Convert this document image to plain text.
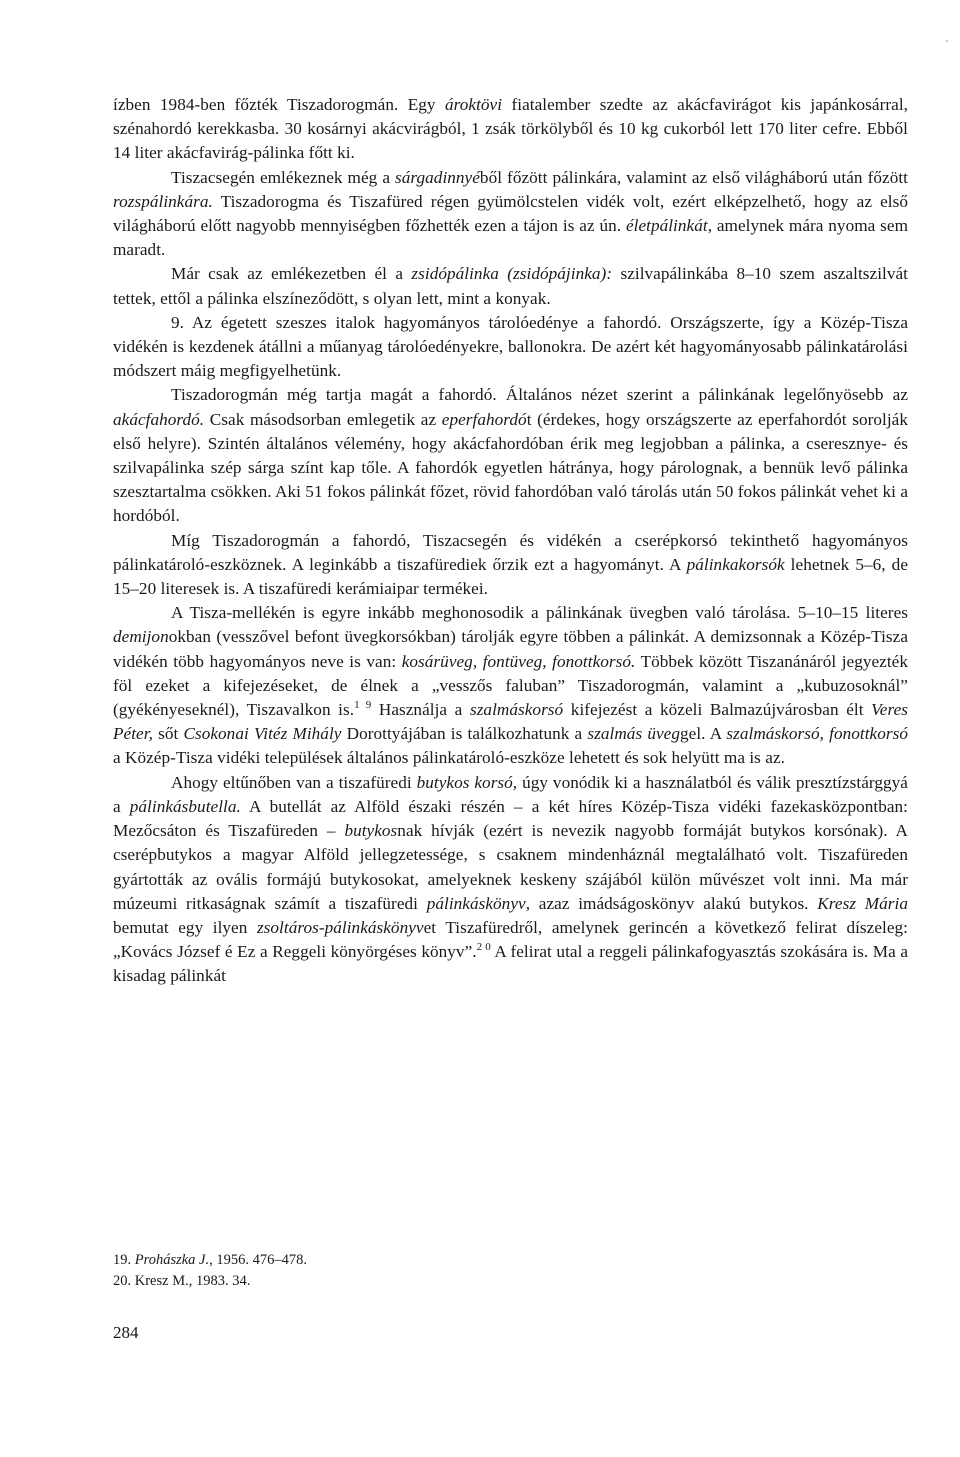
ízben 1984-ben főzték Tiszadorogmán. Egy ároktövi fiatalember szedte az akácfavirágot kis japánkosárral, szénahordó kerekkasba. 30 kosárnyi akácvirágból, 1 zsák törkölyből és 10 kg cukorból lett 170 liter cefre. Ebből 14 liter akácfavirág-pálinka főtt ki.

Tiszacsegén emlékeznek még a sárgadinnyéből főzött pálinkára, valamint az első világháború után főzött rozspálinkára. Tiszadorogma és Tiszafüred régen gyümölcstelen vidék volt, ezért elképzelhető, hogy az első világháború előtt nagyobb mennyiségben főzhették ezen a tájon is az ún. életpálinkát, amelynek mára nyoma sem maradt.

Már csak az emlékezetben él a zsidópálinka (zsidópájinka): szilvapálinkába 8–10 szem aszaltszilvát tettek, ettől a pálinka elszíneződött, s olyan lett, mint a konyak.

9. Az égetett szeszes italok hagyományos tárolóedénye a fahordó. Országszerte, így a Közép-Tisza vidékén is kezdenek átállni a műanyag tárolóedényekre, ballonokra. De azért két hagyományosabb pálinkatárolási módszert máig megfigyelhetünk.

Tiszadorogmán még tartja magát a fahordó. Általános nézet szerint a pálinkának legelőnyösebb az akácfahordó. Csak másodsorban emlegetik az eperfahordót (érdekes, hogy országszerte az eperfahordót sorolják első helyre). Szintén általános vélemény, hogy akácfahordóban érik meg legjobban a pálinka, a cseresznye- és szilvapálinka szép sárga színt kap tőle. A fahordók egyetlen hátránya, hogy párolognak, a bennük levő pálinka szesztartalma csökken. Aki 51 fokos pálinkát főzet, rövid fahordóban való tárolás után 50 fokos pálinkát vehet ki a hordóból.

Míg Tiszadorogmán a fahordó, Tiszacsegén és vidékén a cserépkorsó tekinthető hagyományos pálinkatároló-eszköznek. A leginkább a tiszafürediek őrzik ezt a hagyományt. A pálinkakorsók lehetnek 5–6, de 15–20 literesek is. A tiszafüredi kerámiaipar termékei.

A Tisza-mellékén is egyre inkább meghonosodik a pálinkának üvegben való tárolása. 5–10–15 literes demijonokban (vesszővel befont üvegkorsókban) tárolják egyre többen a pálinkát. A demizsonnak a Közép-Tisza vidékén több hagyományos neve is van: kosárüveg, fontüveg, fonottkorsó. Többek között Tiszanánáról jegyezték föl ezeket a kifejezéseket, de élnek a „vesszős faluban” Tiszadorogmán, valamint a „kubuzosoknál” (gyékényeseknél), Tiszavalkon is.$^{1 9}$ Használja a szalmáskorsó kifejezést a közeli Balmazújvárosban élt Veres Péter, sőt Csokonai Vitéz Mihály Dorottyájában is találkozhatunk a szalmás üveggel. A szalmáskorsó, fonottkorsó a Közép-Tisza vidéki települések általános pálinkatároló-eszköze lehetett és sok helyütt ma is az.

Ahogy eltűnőben van a tiszafüredi butykos korsó, úgy vonódik ki a használatból és válik presztízstárggyá a pálinkásbutella. A butellát az Alföld északi részén – a két híres Közép-Tisza vidéki fazekasközpontban: Mezőcsáton és Tiszafüreden – butykosnak hívják (ezért is nevezik nagyobb formáját butykos korsónak). A cserépbutykos a magyar Alföld jellegzetessége, s csaknem mindenháznál megtalálható volt. Tiszafüreden gyártották az ovális formájú butykosokat, amelyeknek keskeny szájából külön művészet volt inni. Ma már múzeumi ritkaságnak számít a tiszafüredi pálinkáskönyv, azaz imádságoskönyv alakú butykos. Kresz Mária bemutat egy ilyen zsoltáros-pálinkáskönyvet Tiszafüredről, amelynek gerincén a következő felirat díszeleg: „Kovács József é Ez a Reggeli könyörgéses könyv”.$^{2 0}$ A felirat utal a reggeli pálinkafogyasztás szokására is. Ma a kisadag pálinkát

19. Prohászka J., 1956. 476–478.
20. Kresz M., 1983. 34.
284
